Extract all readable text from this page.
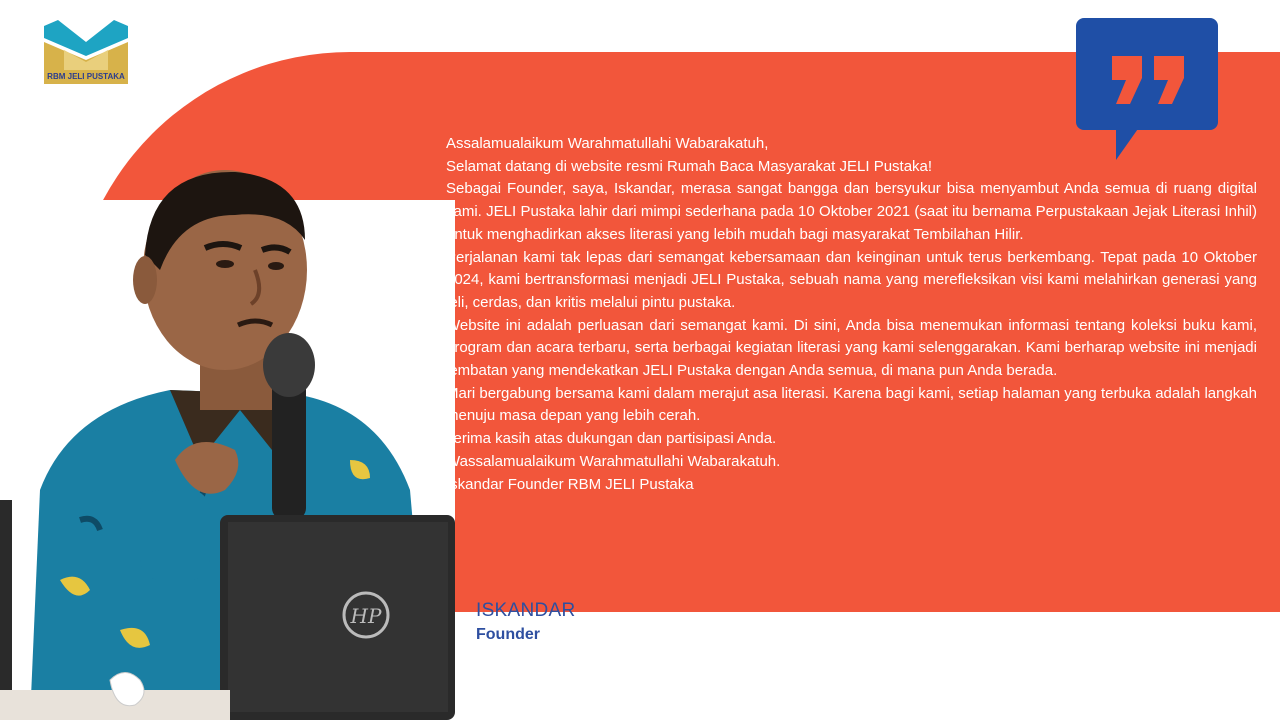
RBM JELI PUSTAKA
HP

Assalamualaikum Warahmatullahi Wabarakatuh,

Selamat datang di website resmi Rumah Baca Masyarakat JELI Pustaka!

Sebagai Founder, saya, Iskandar, merasa sangat bangga dan bersyukur bisa menyambut Anda semua di ruang digital kami. JELI Pustaka lahir dari mimpi sederhana pada 10 Oktober 2021 (saat itu bernama Perpustakaan Jejak Literasi Inhil) untuk menghadirkan akses literasi yang lebih mudah bagi masyarakat Tembilahan Hilir.

Perjalanan kami tak lepas dari semangat kebersamaan dan keinginan untuk terus berkembang. Tepat pada 10 Oktober 2024, kami bertransformasi menjadi JELI Pustaka, sebuah nama yang merefleksikan visi kami melahirkan generasi yang jeli, cerdas, dan kritis melalui pintu pustaka.

Website ini adalah perluasan dari semangat kami. Di sini, Anda bisa menemukan informasi tentang koleksi buku kami, program dan acara terbaru, serta berbagai kegiatan literasi yang kami selenggarakan. Kami berharap website ini menjadi jembatan yang mendekatkan JELI Pustaka dengan Anda semua, di mana pun Anda berada.

Mari bergabung bersama kami dalam merajut asa literasi. Karena bagi kami, setiap halaman yang terbuka adalah langkah menuju masa depan yang lebih cerah.

Terima kasih atas dukungan dan partisipasi Anda.

Wassalamualaikum Warahmatullahi Wabarakatuh.

Iskandar Founder RBM JELI Pustaka

ISKANDAR
Founder
